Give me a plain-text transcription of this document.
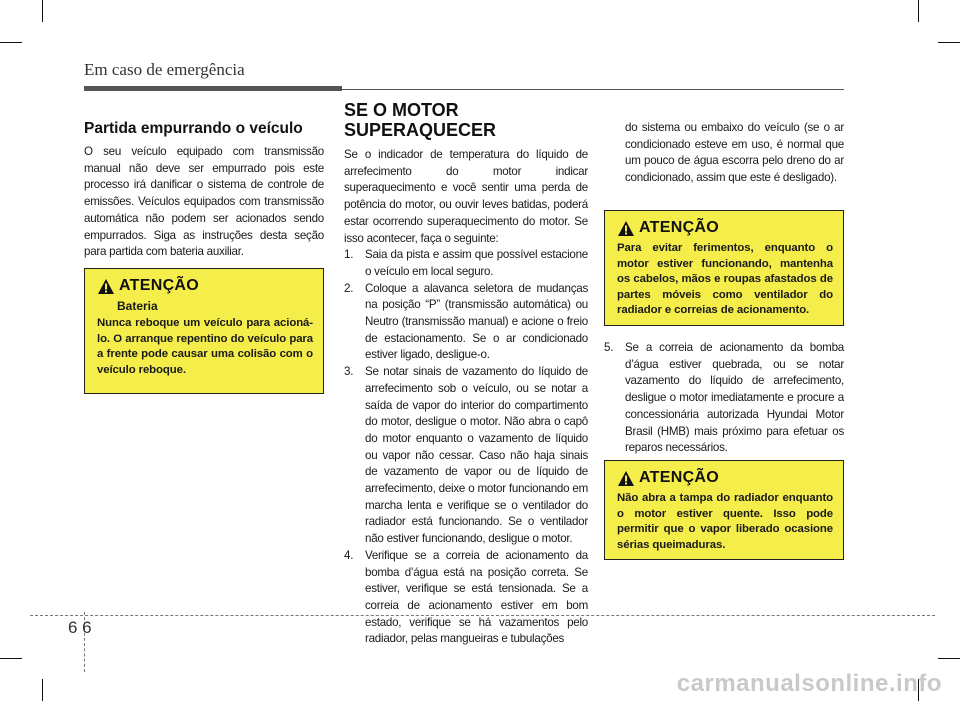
Em caso de emergência
Partida empurrando o veículo

O seu veículo equipado com transmissão manual não deve ser empurrado pois este processo irá danificar o sistema de controle de emissões. Veículos equipados com transmissão automática não podem ser acionados sendo empurrados. Siga as instruções desta seção para partida com bateria auxiliar.

ATENÇÃO
Bateria
Nunca reboque um veículo para acioná-lo. O arranque repentino do veículo para a frente pode causar uma colisão com o veículo reboque.
SE O MOTOR SUPERAQUECER

Se o indicador de temperatura do líquido de arrefecimento do motor indicar superaquecimento e você sentir uma perda de potência do motor, ou ouvir leves batidas, poderá estar ocorrendo superaquecimento do motor. Se isso acontecer, faça o seguinte:

1. Saia da pista e assim que possível estacione o veículo em local seguro.
2. Coloque a alavanca seletora de mudanças na posição “P” (transmissão automática) ou Neutro (transmissão manual) e acione o freio de estacionamento. Se o ar condicionado estiver ligado, desligue-o.
3. Se notar sinais de vazamento do líquido de arrefecimento sob o veículo, ou se notar a saída de vapor do interior do compartimento do motor, desligue o motor. Não abra o capô do motor enquanto o vazamento de líquido ou vapor não cessar. Caso não haja sinais de vazamento de vapor ou de líquido de arrefecimento, deixe o motor funcionando em marcha lenta e verifique se o ventilador do radiador está funcionando. Se o ventilador não estiver funcionando, desligue o motor.
4. Verifique se a correia de acionamento da bomba d’água está na posição correta. Se estiver, verifique se está tensionada. Se a correia de acionamento estiver em bom estado, verifique se há vazamentos pelo radiador, pelas mangueiras e tubulações
do sistema ou embaixo do veículo (se o ar condicionado esteve em uso, é normal que um pouco de água escorra pelo dreno do ar condicionado, assim que este é desligado).
ATENÇÃO
Para evitar ferimentos, enquanto o motor estiver funcionando, mantenha os cabelos, mãos e roupas afastados de partes móveis como ventilador do radiador e correias de acionamento.
5. Se a correia de acionamento da bomba d’água estiver quebrada, ou se notar vazamento do líquido de arrefecimento, desligue o motor imediatamente e procure a concessionária autorizada Hyundai Motor Brasil (HMB) mais próximo para efetuar os reparos necessários.
ATENÇÃO
Não abra a tampa do radiador enquanto o motor estiver quente. Isso pode permitir que o vapor liberado ocasione sérias queimaduras.
6 6
carmanualsonline.info
